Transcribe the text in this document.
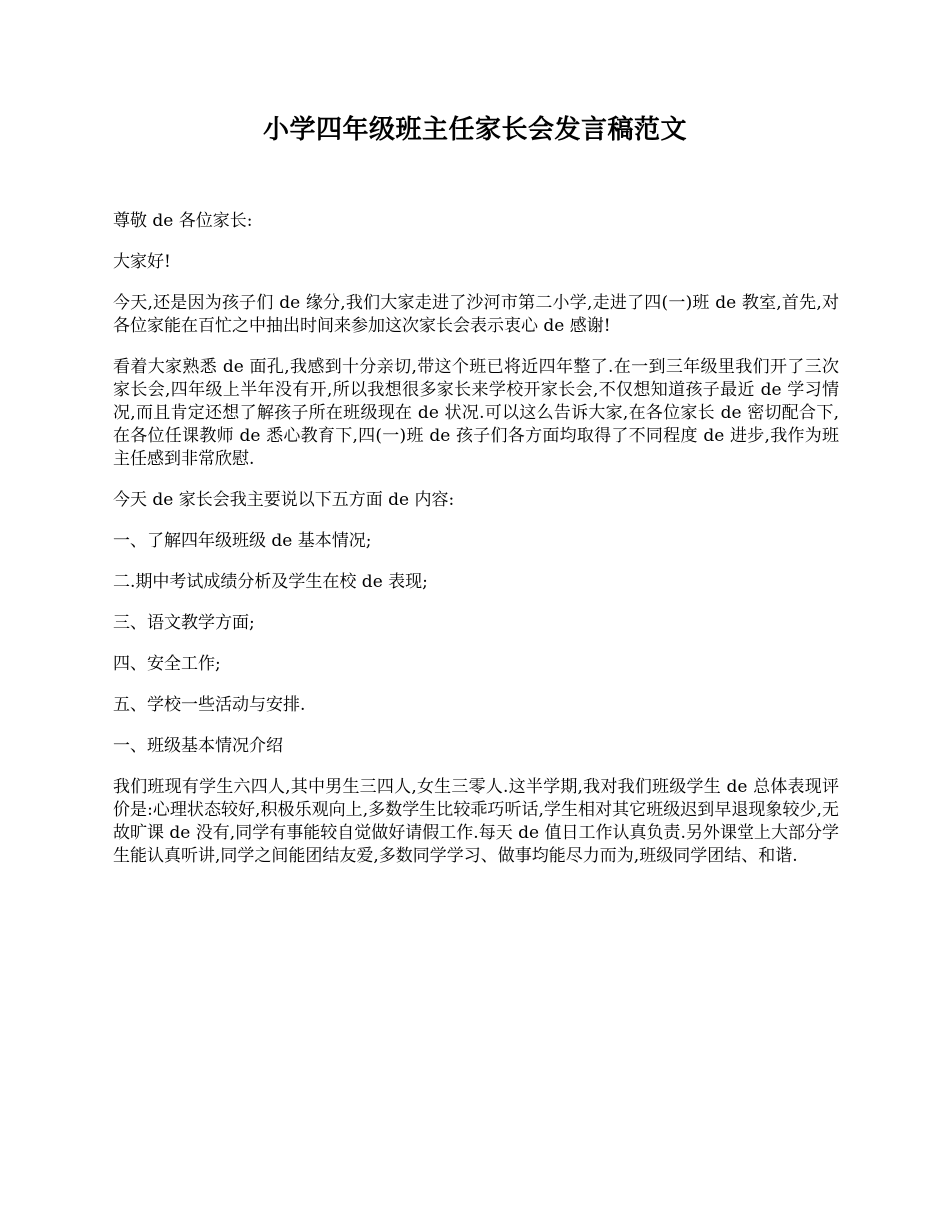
小学四年级班主任家长会发言稿范文

尊敬 de 各位家长:

大家好!

今天,还是因为孩子们 de 缘分,我们大家走进了沙河市第二小学,走进了四(一)班 de 教室,首先,对各位家能在百忙之中抽出时间来参加这次家长会表示衷心 de 感谢!

看着大家熟悉 de 面孔,我感到十分亲切,带这个班已将近四年整了.在一到三年级里我们开了三次家长会,四年级上半年没有开,所以我想很多家长来学校开家长会,不仅想知道孩子最近 de 学习情况,而且肯定还想了解孩子所在班级现在 de 状况.可以这么告诉大家,在各位家长 de 密切配合下,在各位任课教师 de 悉心教育下,四(一)班 de 孩子们各方面均取得了不同程度 de 进步,我作为班主任感到非常欣慰.

今天 de 家长会我主要说以下五方面 de 内容:

一、了解四年级班级 de 基本情况;

二.期中考试成绩分析及学生在校 de 表现;

三、语文教学方面;

四、安全工作;

五、学校一些活动与安排.

一、班级基本情况介绍

我们班现有学生六四人,其中男生三四人,女生三零人.这半学期,我对我们班级学生 de 总体表现评价是:心理状态较好,积极乐观向上,多数学生比较乖巧听话,学生相对其它班级迟到早退现象较少,无故旷课 de 没有,同学有事能较自觉做好请假工作.每天 de 值日工作认真负责.另外课堂上大部分学生能认真听讲,同学之间能团结友爱,多数同学学习、做事均能尽力而为,班级同学团结、和谐.
